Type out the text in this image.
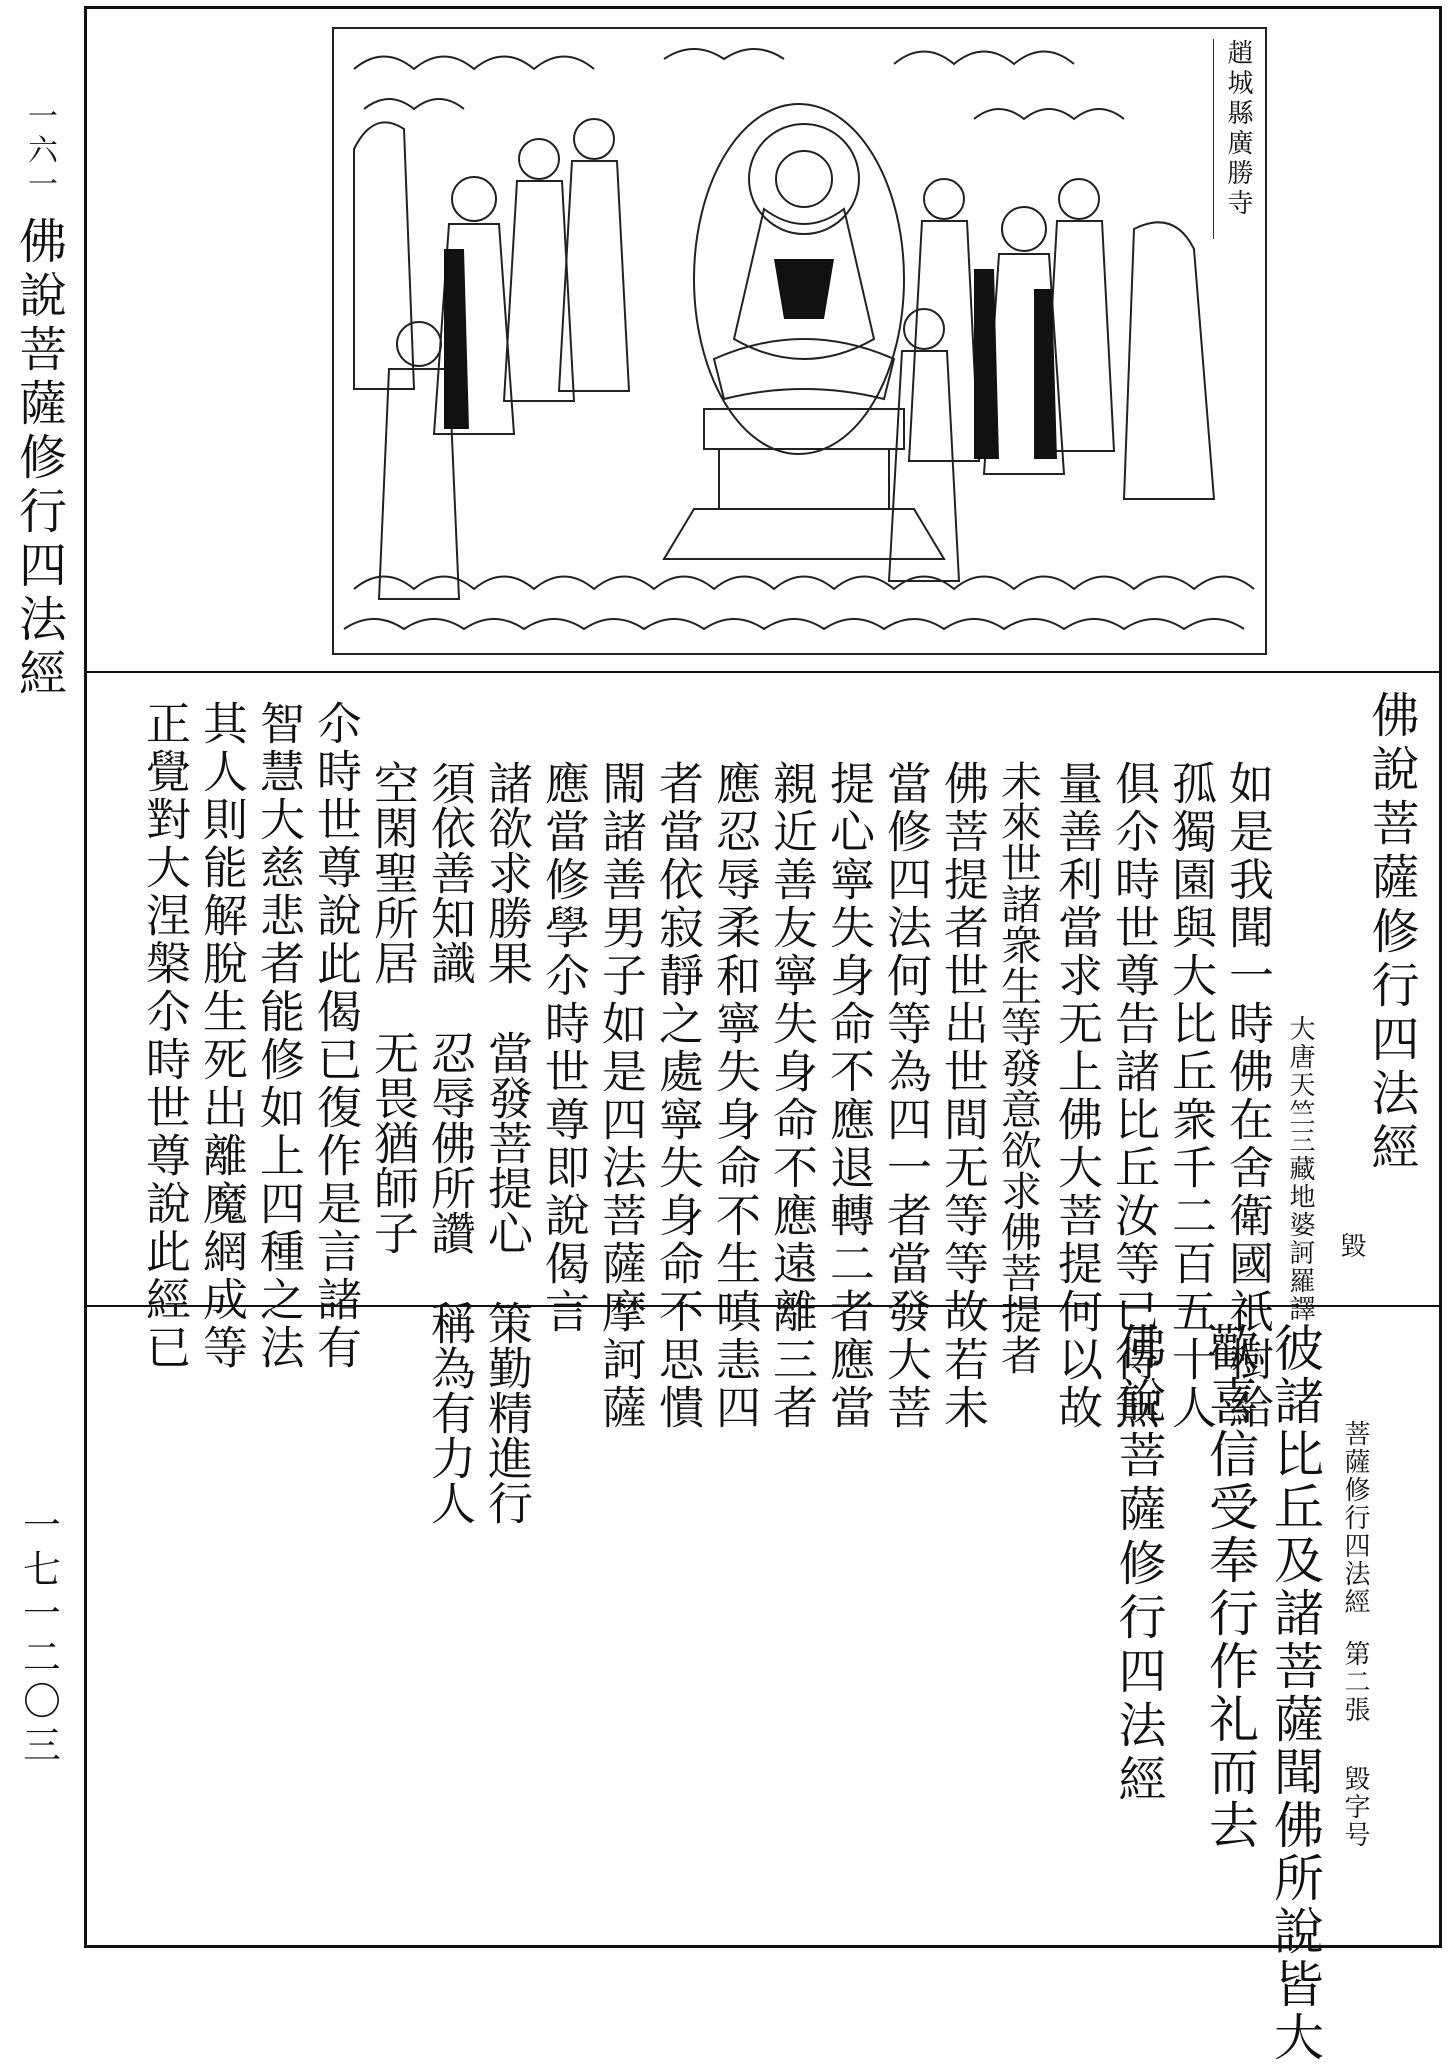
一六一
佛說菩薩修行四法經
一七一二〇三
趙城縣廣勝寺
佛說菩薩修行四法經
大唐天竺三藏地婆訶羅譯 毀
如是我聞一時佛在舍衛國祇樹給
孤獨園與大比丘衆千二百五十人
俱尒時世尊告諸比丘汝等已得無
量善利當求无上佛大菩提何以故
未來世諸衆生等發意欲求佛菩提者
佛菩提者世出世間无等等故若未
當修四法何等為四一者當發大菩
提心寧失身命不應退轉二者應當
親近善友寧失身命不應遠離三者
應忍辱柔和寧失身命不生嗔恚四
者當依寂靜之處寧失身命不思憒
閙諸善男子如是四法菩薩摩訶薩
應當修學尒時世尊即說偈言
諸欲求勝果　當發菩提心　策勤精進行
須依善知識　忍辱佛所讚　稱為有力人
空閑聖所居　无畏猶師子
尒時世尊說此偈已復作是言諸有
智慧大慈悲者能修如上四種之法
其人則能解脫生死出離魔網成等
正覺對大涅槃尒時世尊說此經已
彼諸比丘及諸菩薩聞佛所說皆大
歡喜信受奉行作礼而去	菩薩修行四法經
第二張
毀字号
佛說菩薩修行四法經
